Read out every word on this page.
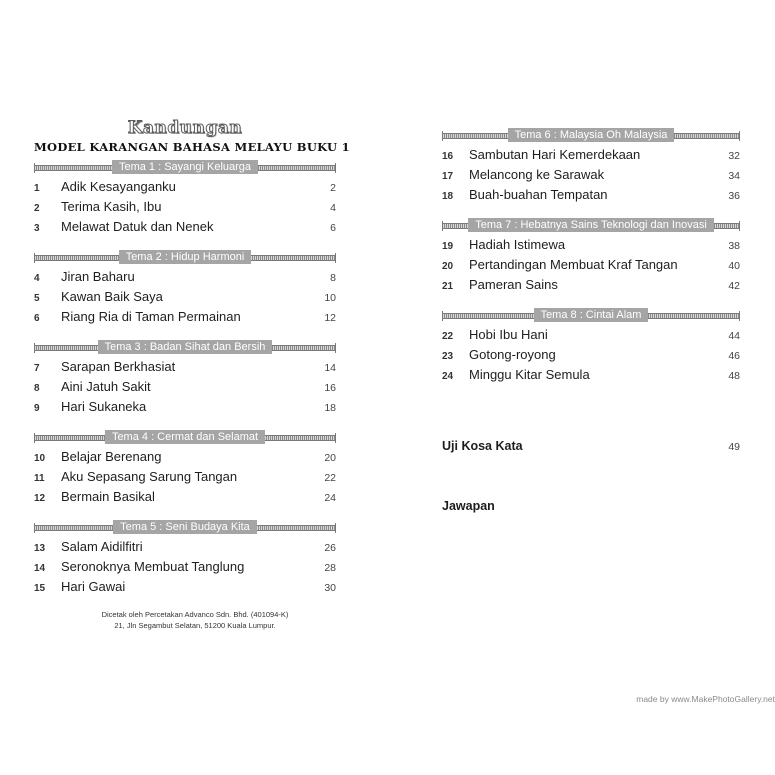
Kandungan
MODEL KARANGAN BAHASA MELAYU BUKU 1
Tema 1 : Sayangi Keluarga
1	Adik Kesayanganku	2
2	Terima Kasih, Ibu	4
3	Melawat Datuk dan Nenek	6
Tema 2 : Hidup Harmoni
4	Jiran Baharu	8
5	Kawan Baik Saya	10
6	Riang Ria di Taman Permainan	12
Tema 3 : Badan Sihat dan Bersih
7	Sarapan Berkhasiat	14
8	Aini Jatuh Sakit	16
9	Hari Sukaneka	18
Tema 4 : Cermat dan Selamat
10	Belajar Berenang	20
11	Aku Sepasang Sarung Tangan	22
12	Bermain Basikal	24
Tema 5 : Seni Budaya Kita
13	Salam Aidilfitri	26
14	Seronoknya Membuat Tanglung	28
15	Hari Gawai	30
Dicetak oleh Percetakan Advanco Sdn. Bhd. (401094-K)
21, Jln Segambut Selatan, 51200 Kuala Lumpur.
Tema 6 : Malaysia Oh Malaysia
16	Sambutan Hari Kemerdekaan	32
17	Melancong ke Sarawak	34
18	Buah-buahan Tempatan	36
Tema 7 : Hebatnya Sains Teknologi dan Inovasi
19	Hadiah Istimewa	38
20	Pertandingan Membuat Kraf Tangan	40
21	Pameran Sains	42
Tema 8 : Cintai Alam
22	Hobi Ibu Hani	44
23	Gotong-royong	46
24	Minggu Kitar Semula	48
Uji Kosa Kata	49
Jawapan
made by www.MakePhotoGallery.net
